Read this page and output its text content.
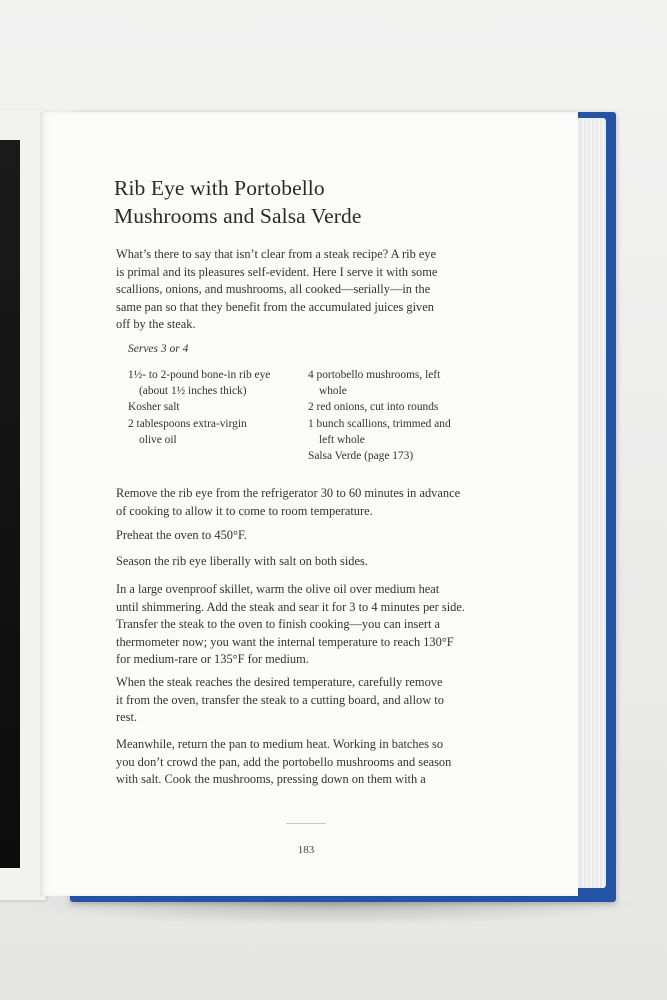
Rib Eye with Portobello
Mushrooms and Salsa Verde
What’s there to say that isn’t clear from a steak recipe? A rib eye
is primal and its pleasures self-evident. Here I serve it with some
scallions, onions, and mushrooms, all cooked—serially—in the
same pan so that they benefit from the accumulated juices given
off by the steak.
Serves 3 or 4
1½- to 2-pound bone-in rib eye
(about 1½ inches thick)
Kosher salt
2 tablespoons extra-virgin
olive oil
4 portobello mushrooms, left
whole
2 red onions, cut into rounds
1 bunch scallions, trimmed and
left whole
Salsa Verde (page 173)
Remove the rib eye from the refrigerator 30 to 60 minutes in advance
of cooking to allow it to come to room temperature.
Preheat the oven to 450°F.
Season the rib eye liberally with salt on both sides.
In a large ovenproof skillet, warm the olive oil over medium heat
until shimmering. Add the steak and sear it for 3 to 4 minutes per side.
Transfer the steak to the oven to finish cooking—you can insert a
thermometer now; you want the internal temperature to reach 130°F
for medium-rare or 135°F for medium.
When the steak reaches the desired temperature, carefully remove
it from the oven, transfer the steak to a cutting board, and allow to
rest.
Meanwhile, return the pan to medium heat. Working in batches so
you don’t crowd the pan, add the portobello mushrooms and season
with salt. Cook the mushrooms, pressing down on them with a
183
